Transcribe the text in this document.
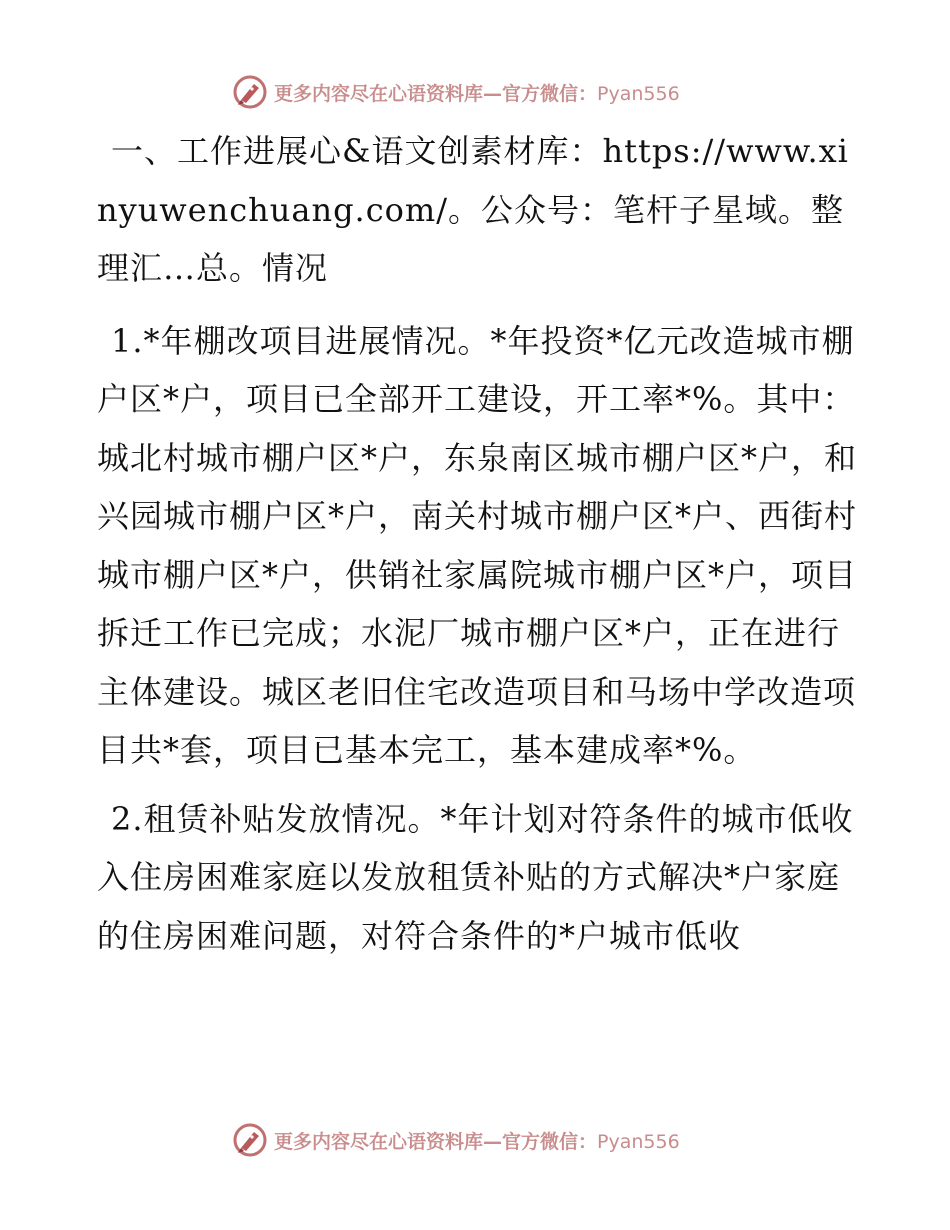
更多内容尽在心语资料库—官方微信：Pyan556

一、工作进展心&语文创素材库：https://www.xinyuwenchuang.com/。公众号：笔杆子星域。整理汇…总。情况

1.*年棚改项目进展情况。*年投资*亿元改造城市棚户区*户，项目已全部开工建设，开工率*%。其中：城北村城市棚户区*户，东泉南区城市棚户区*户，和兴园城市棚户区*户，南关村城市棚户区*户、西街村城市棚户区*户，供销社家属院城市棚户区*户，项目拆迁工作已完成；水泥厂城市棚户区*户，正在进行主体建设。城区老旧住宅改造项目和马场中学改造项目共*套，项目已基本完工，基本建成率*%。

2.租赁补贴发放情况。*年计划对符条件的城市低收入住房困难家庭以发放租赁补贴的方式解决*户家庭的住房困难问题，对符合条件的*户城市低收

更多内容尽在心语资料库—官方微信：Pyan556
